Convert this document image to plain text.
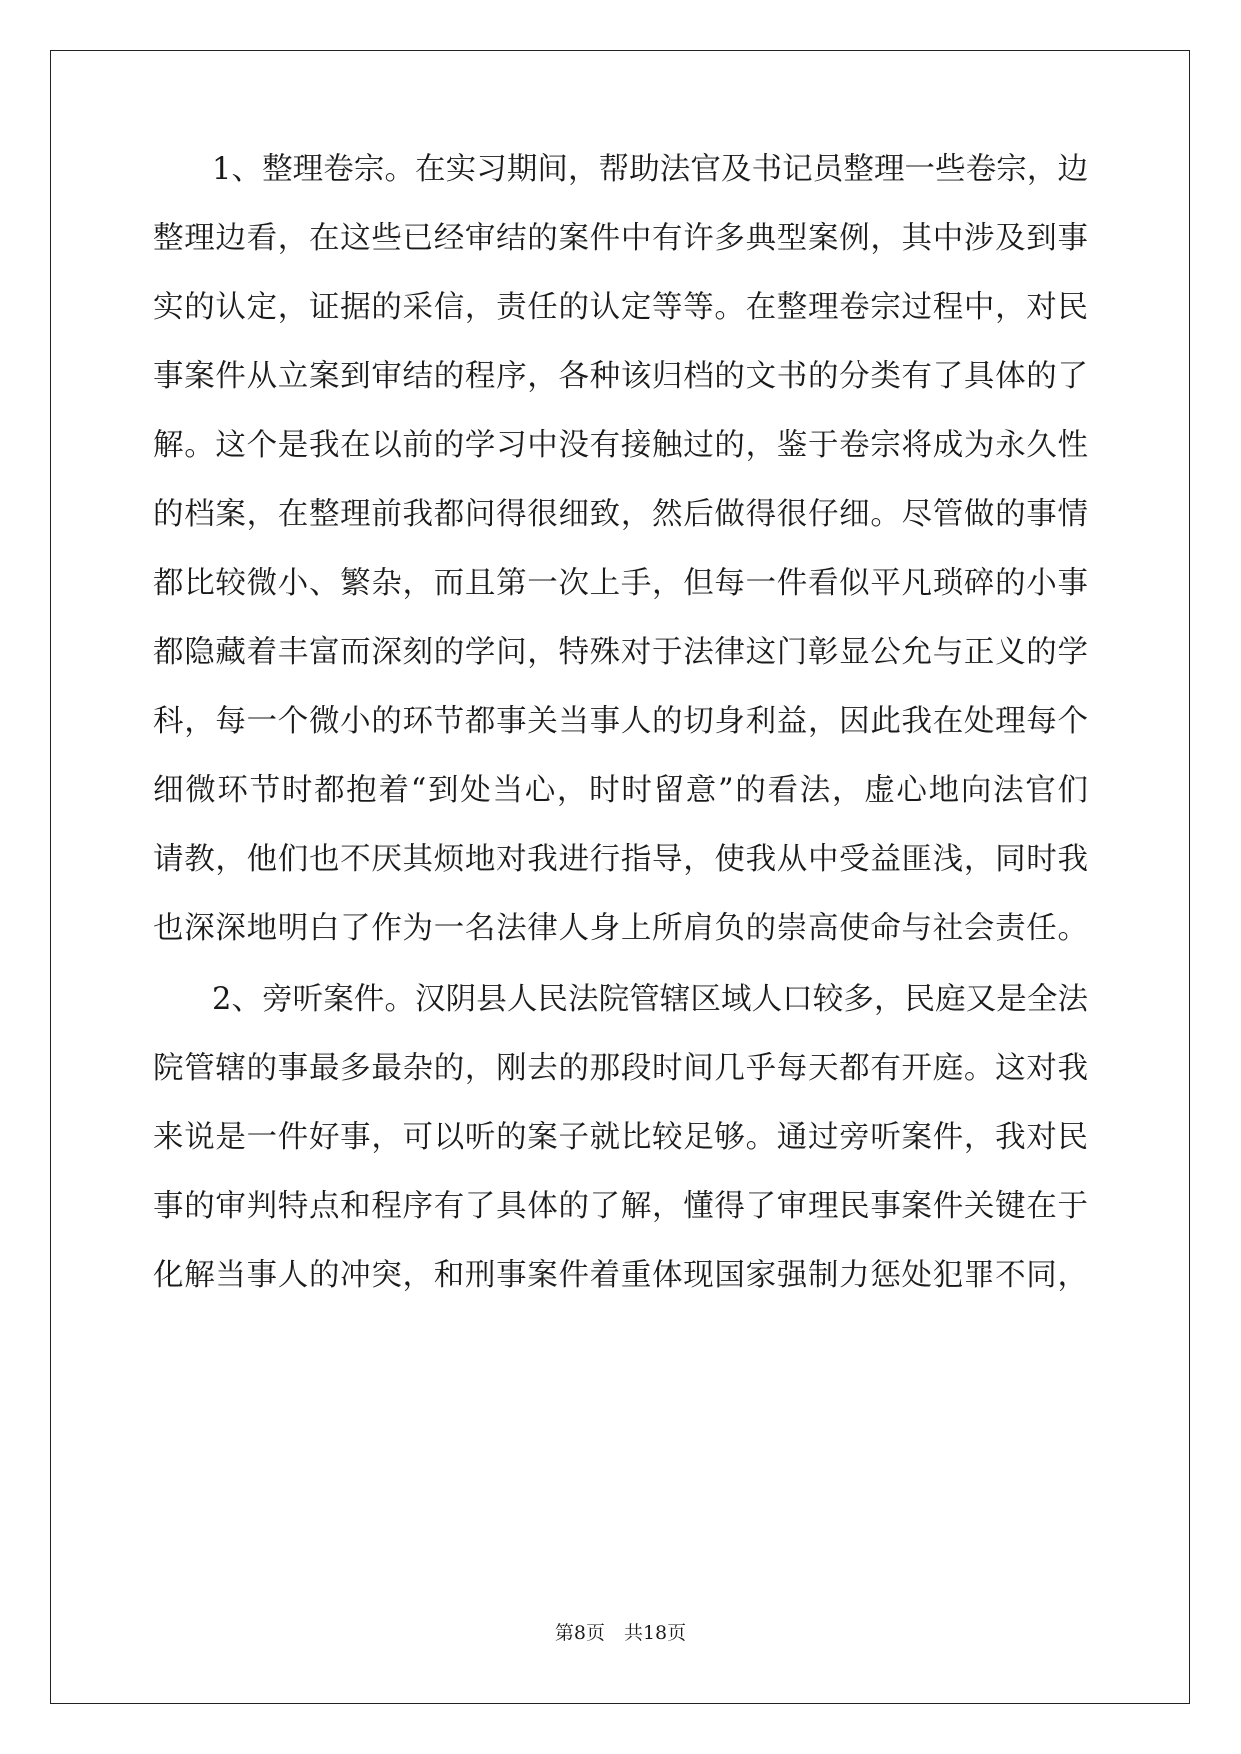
1、整理卷宗。在实习期间，帮助法官及书记员整理一些卷宗，边
整理边看，在这些已经审结的案件中有许多典型案例，其中涉及到事
实的认定，证据的采信，责任的认定等等。在整理卷宗过程中，对民
事案件从立案到审结的程序，各种该归档的文书的分类有了具体的了
解。这个是我在以前的学习中没有接触过的，鉴于卷宗将成为永久性
的档案，在整理前我都问得很细致，然后做得很仔细。尽管做的事情
都比较微小、繁杂，而且第一次上手，但每一件看似平凡琐碎的小事
都隐藏着丰富而深刻的学问，特殊对于法律这门彰显公允与正义的学
科，每一个微小的环节都事关当事人的切身利益，因此我在处理每个
细微环节时都抱着“到处当心，时时留意”的看法，虚心地向法官们
请教，他们也不厌其烦地对我进行指导，使我从中受益匪浅，同时我
也深深地明白了作为一名法律人身上所肩负的崇高使命与社会责任。
2、旁听案件。汉阴县人民法院管辖区域人口较多，民庭又是全法
院管辖的事最多最杂的，刚去的那段时间几乎每天都有开庭。这对我
来说是一件好事，可以听的案子就比较足够。通过旁听案件，我对民
事的审判特点和程序有了具体的了解，懂得了审理民事案件关键在于
化解当事人的冲突，和刑事案件着重体现国家强制力惩处犯罪不同，
第8页　共18页
